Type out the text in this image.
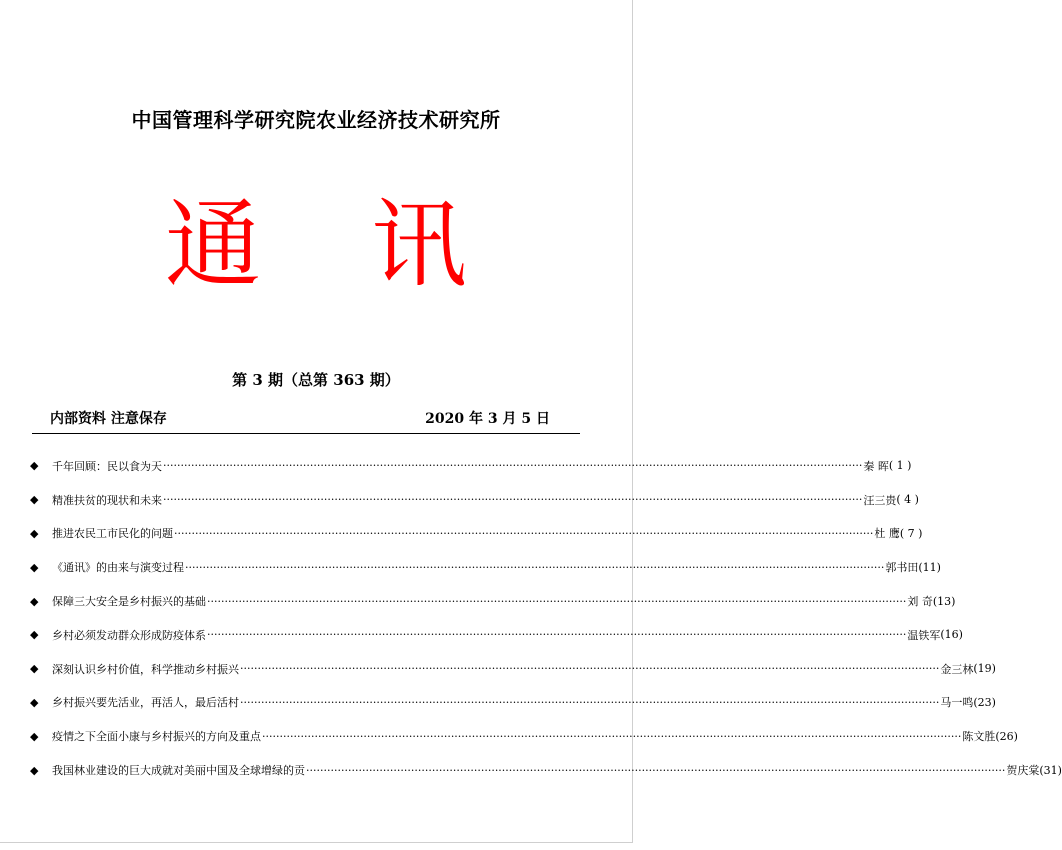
中国管理科学研究院农业经济技术研究所
通 讯
第 3 期（总第 363 期）
内部资料 注意保存	2020 年 3 月 5 日
◆	千年回顾：民以食为天 ········································································································································································································ 秦 晖 ( 1 )
◆	精准扶贫的现状和未来 ········································································································································································································ 汪三贵 ( 4 )
◆	推进农民工市民化的问题 ········································································································································································································ 杜 鹰 ( 7 )
◆	《通讯》的由来与演变过程 ········································································································································································································ 郭书田 (11)
◆	保障三大安全是乡村振兴的基础 ········································································································································································································ 刘 奇 (13)
◆	乡村必须发动群众形成防疫体系 ········································································································································································································ 温铁军 (16)
◆	深刻认识乡村价值，科学推动乡村振兴 ········································································································································································································ 金三林 (19)
◆	乡村振兴要先活业，再活人，最后活村 ········································································································································································································ 马一鸣 (23)
◆	疫情之下全面小康与乡村振兴的方向及重点 ········································································································································································································ 陈文胜 (26)
◆	我国林业建设的巨大成就对美丽中国及全球增绿的贡 ········································································································································································································ 贺庆棠 (31)
